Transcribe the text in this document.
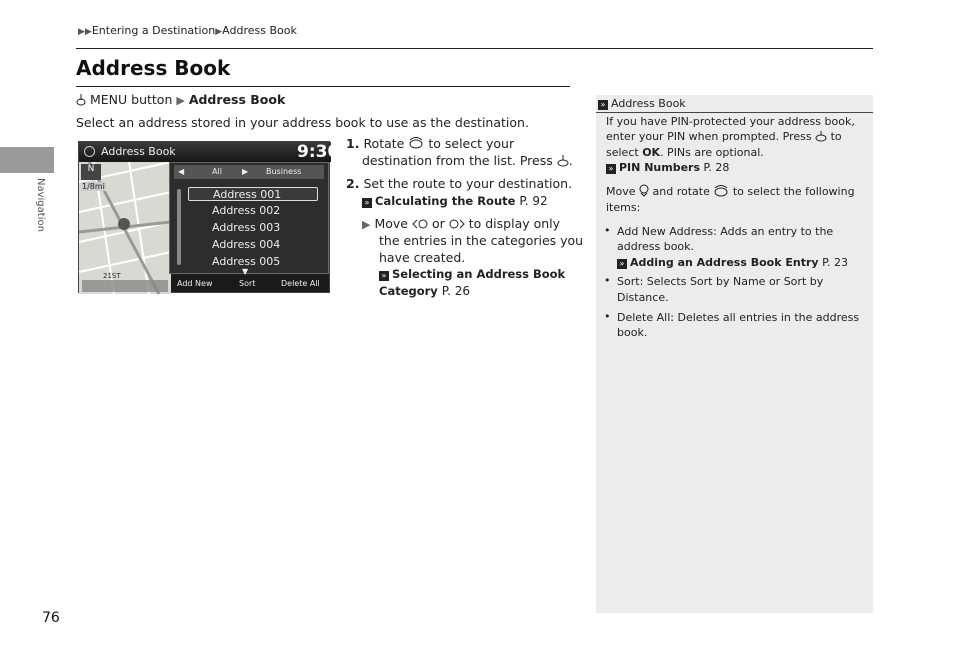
▶▶Entering a Destination▶Address Book
Address Book
Navigation
76
MENU button ▶ Address Book
Select an address stored in your address book to use as the destination.
N
1/8mi
21ST
Address Book	9:30
◀	All	▶ Business
Address 001
Address 002
Address 003
Address 004
Address 005
▼
Add New	Sort	Delete All
1. Rotate to select your
destination from the list. Press .
2. Set the route to your destination.
» Calculating the Route P. 92
▶ Move or to display only
the entries in the categories you
have created.
» Selecting an Address Book
Category P. 26
» Address Book
If you have PIN-protected your address book,
enter your PIN when prompted. Press to
select OK. PINs are optional.
» PIN Numbers P. 28
Move and rotate to select the following
items:
• Add New Address: Adds an entry to the
address book.
» Adding an Address Book Entry P. 23
• Sort: Selects Sort by Name or Sort by
Distance.
• Delete All: Deletes all entries in the address
book.
